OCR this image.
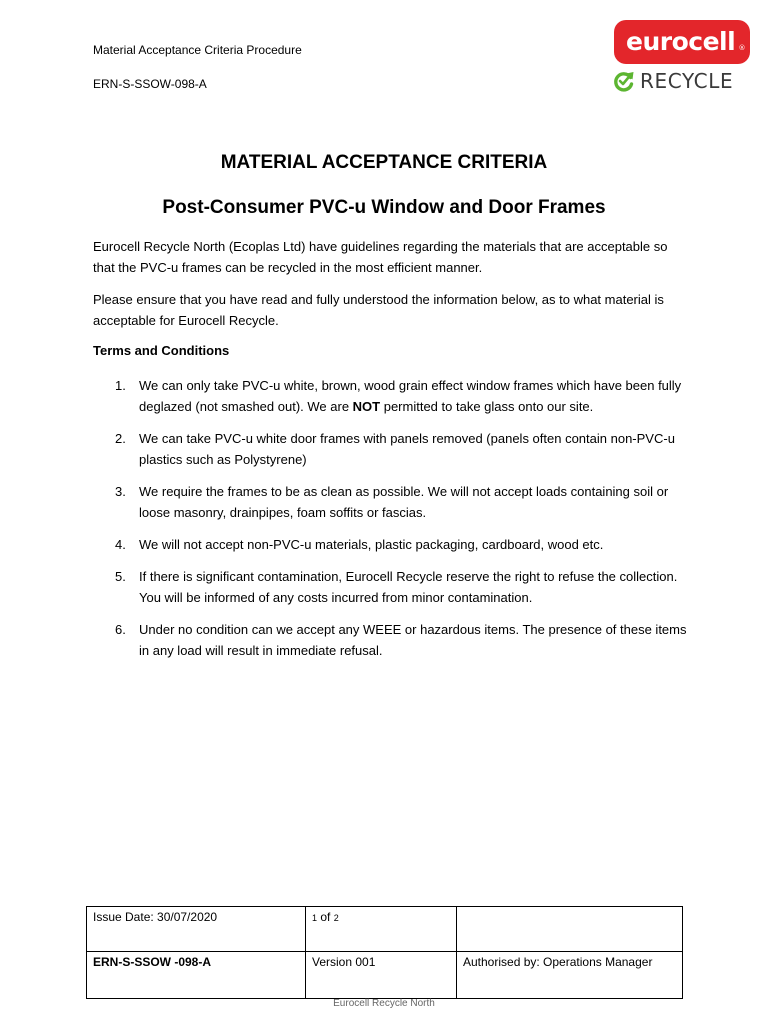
Material Acceptance Criteria Procedure
ERN-S-SSOW-098-A
eurocell ®
RECYCLE
MATERIAL ACCEPTANCE CRITERIA
Post-Consumer PVC-u Window and Door Frames

Eurocell Recycle North (Ecoplas Ltd) have guidelines regarding the materials that are acceptable so that the PVC-u frames can be recycled in the most efficient manner.

Please ensure that you have read and fully understood the information below, as to what material is acceptable for Eurocell Recycle.

Terms and Conditions
1. We can only take PVC-u white, brown, wood grain effect window frames which have been fully deglazed (not smashed out). We are NOT permitted to take glass onto our site.
2. We can take PVC-u white door frames with panels removed (panels often contain non-PVC-u plastics such as Polystyrene)
3. We require the frames to be as clean as possible. We will not accept loads containing soil or loose masonry, drainpipes, foam soffits or fascias.
4. We will not accept non-PVC-u materials, plastic packaging, cardboard, wood etc.
5. If there is significant contamination, Eurocell Recycle reserve the right to refuse the collection. You will be informed of any costs incurred from minor contamination.
6. Under no condition can we accept any WEEE or hazardous items. The presence of these items in any load will result in immediate refusal.
Issue Date: 30/07/2020	1 of 2	
ERN-S-SSOW -098-A	Version 001	Authorised by: Operations Manager
Eurocell Recycle North
